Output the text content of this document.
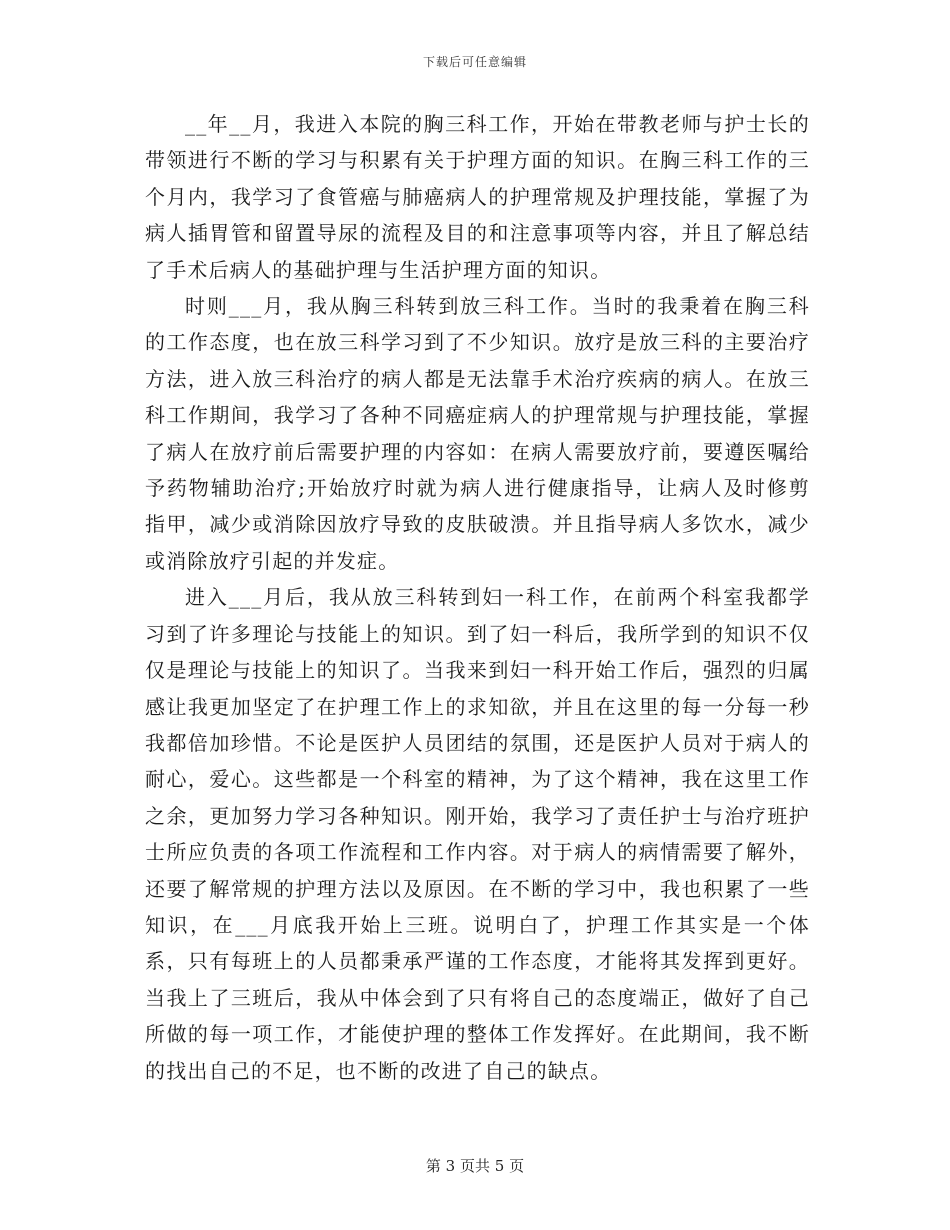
下载后可任意编辑

__年__月，我进入本院的胸三科工作，开始在带教老师与护士长的带领进行不断的学习与积累有关于护理方面的知识。在胸三科工作的三个月内，我学习了食管癌与肺癌病人的护理常规及护理技能，掌握了为病人插胃管和留置导尿的流程及目的和注意事项等内容，并且了解总结了手术后病人的基础护理与生活护理方面的知识。

时则___月，我从胸三科转到放三科工作。当时的我秉着在胸三科的工作态度，也在放三科学习到了不少知识。放疗是放三科的主要治疗方法，进入放三科治疗的病人都是无法靠手术治疗疾病的病人。在放三科工作期间，我学习了各种不同癌症病人的护理常规与护理技能，掌握了病人在放疗前后需要护理的内容如：在病人需要放疗前，要遵医嘱给予药物辅助治疗;开始放疗时就为病人进行健康指导，让病人及时修剪指甲，减少或消除因放疗导致的皮肤破溃。并且指导病人多饮水，减少或消除放疗引起的并发症。

进入___月后，我从放三科转到妇一科工作，在前两个科室我都学习到了许多理论与技能上的知识。到了妇一科后，我所学到的知识不仅仅是理论与技能上的知识了。当我来到妇一科开始工作后，强烈的归属感让我更加坚定了在护理工作上的求知欲，并且在这里的每一分每一秒我都倍加珍惜。不论是医护人员团结的氛围，还是医护人员对于病人的耐心，爱心。这些都是一个科室的精神，为了这个精神，我在这里工作之余，更加努力学习各种知识。刚开始，我学习了责任护士与治疗班护士所应负责的各项工作流程和工作内容。对于病人的病情需要了解外，还要了解常规的护理方法以及原因。在不断的学习中，我也积累了一些知识，在___月底我开始上三班。说明白了，护理工作其实是一个体系，只有每班上的人员都秉承严谨的工作态度，才能将其发挥到更好。当我上了三班后，我从中体会到了只有将自己的态度端正，做好了自己所做的每一项工作，才能使护理的整体工作发挥好。在此期间，我不断的找出自己的不足，也不断的改进了自己的缺点。

第 3 页共 5 页
